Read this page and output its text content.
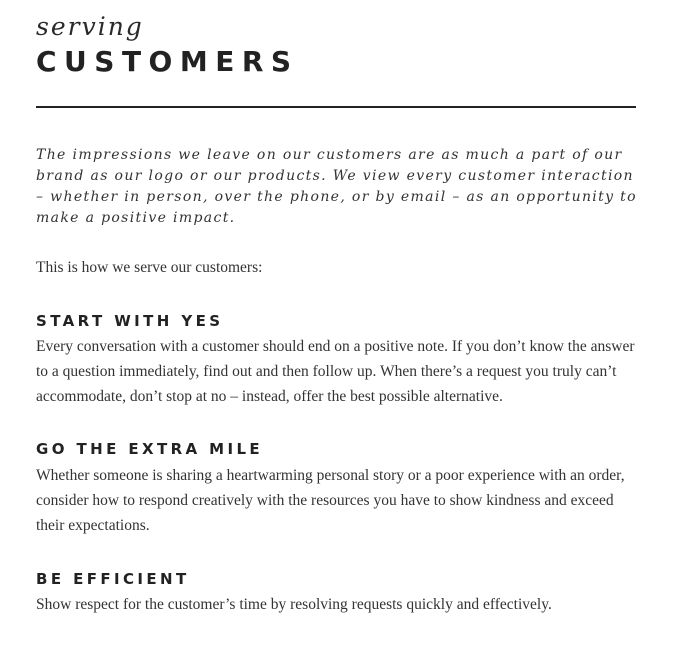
serving
CUSTOMERS

The impressions we leave on our customers are as much a part of our brand as our logo or our products. We view every customer interaction – whether in person, over the phone, or by email – as an opportunity to make a positive impact.

This is how we serve our customers:

START WITH YES

Every conversation with a customer should end on a positive note. If you don’t know the answer to a question immediately, find out and then follow up. When there’s a request you truly can’t accommodate, don’t stop at no – instead, offer the best possible alternative.

GO THE EXTRA MILE

Whether someone is sharing a heartwarming personal story or a poor experience with an order, consider how to respond creatively with the resources you have to show kindness and exceed their expectations.

BE EFFICIENT

Show respect for the customer’s time by resolving requests quickly and effectively.
